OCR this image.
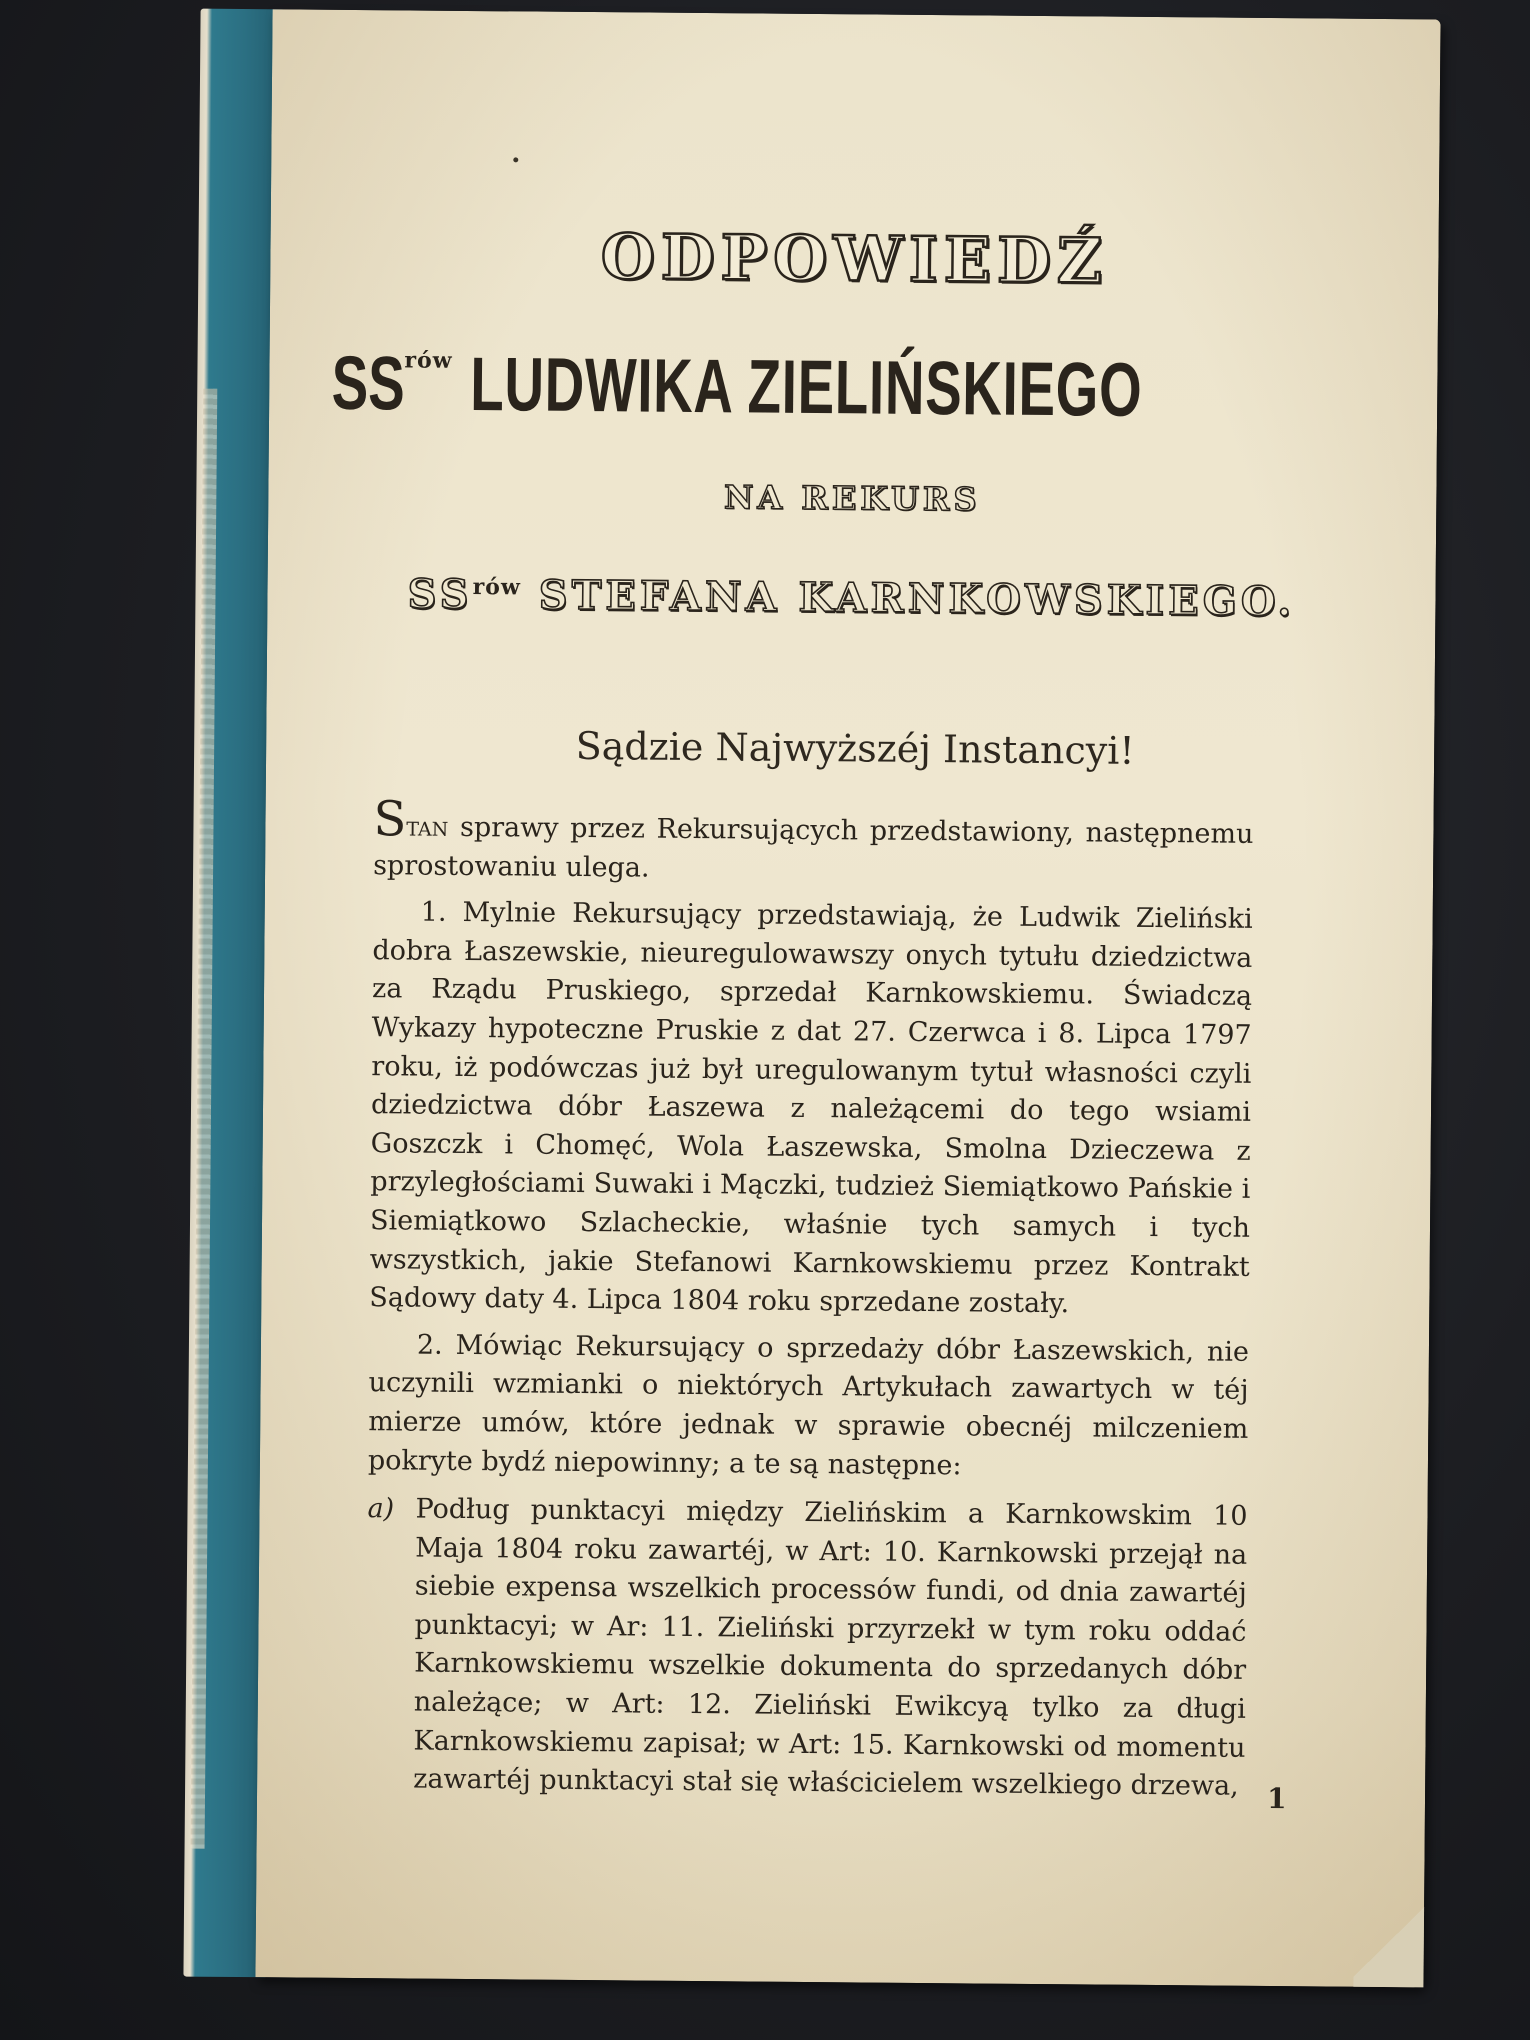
ODPOWIEDŹ
SSrów LUDWIKA ZIELIŃSKIEGO
NA REKURS
$SS^{rów}$ STEFANA KARNKOWSKIEGO.
Sądzie Najwyższéj Instancyi!

Stan sprawy przez Rekursujących przedstawiony, następnemu sprostowaniu ulega.

1. Mylnie Rekursujący przedstawiają, że Ludwik Zieliński dobra Łaszewskie, nieuregulowawszy onych tytułu dziedzictwa za Rządu Pruskiego, sprzedał Karnkowskiemu. Świadczą Wykazy hypoteczne Pruskie z dat 27. Czerwca i 8. Lipca 1797 roku, iż podówczas już był uregulowanym tytuł własności czyli dziedzictwa dóbr Łaszewa z należącemi do tego wsiami Goszczk i Chomęć, Wola Łaszewska, Smolna Dzieczewa z przyległościami Suwaki i Mączki, tudzież Siemiątkowo Pańskie i Siemiątkowo Szlacheckie, właśnie tych samych i tych wszystkich, jakie Stefanowi Karnkowskiemu przez Kontrakt Sądowy daty 4. Lipca 1804 roku sprzedane zostały.

2. Mówiąc Rekursujący o sprzedaży dóbr Łaszewskich, nie uczynili wzmianki o niektórych Artykułach zawartych w téj mierze umów, które jednak w sprawie obecnéj milczeniem pokryte bydź niepowinny; a te są następne:

a) Podług punktacyi między Zielińskim a Karnkowskim 10 Maja 1804 roku zawartéj, w Art: 10. Karnkowski przejął na siebie expensa wszelkich processów fundi, od dnia zawartéj punktacyi; w Ar: 11. Zieliński przyrzekł w tym roku oddać Karnkowskiemu wszelkie dokumenta do sprzedanych dóbr należące; w Art: 12. Zieliński Ewikcyą tylko za długi Karnkowskiemu zapisał; w Art: 15. Karnkowski od momentu zawartéj punktacyi stał się właścicielem wszelkiego drzewa,	1
